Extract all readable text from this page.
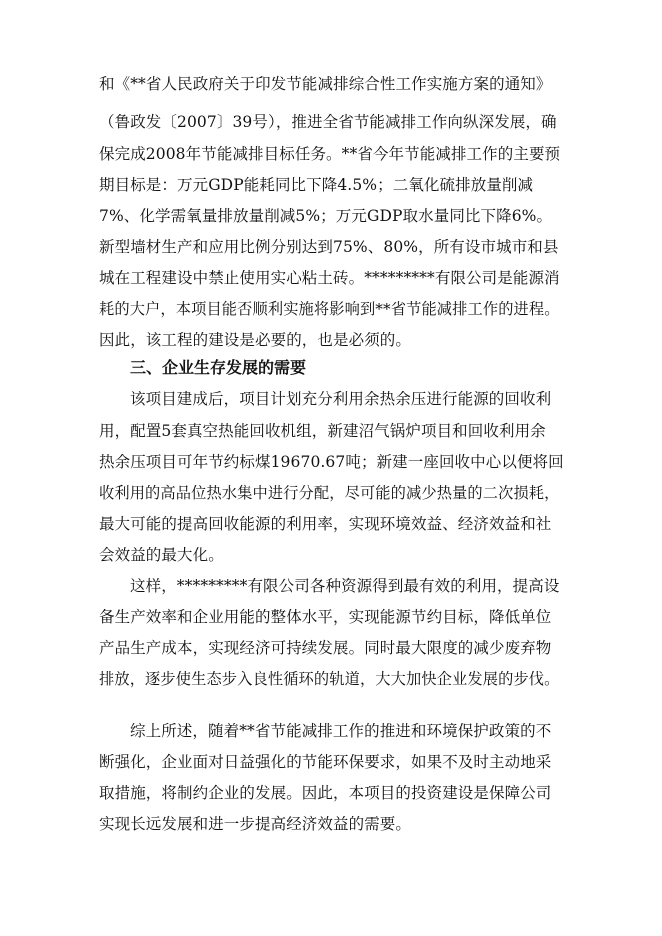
和《**省人民政府关于印发节能减排综合性工作实施方案的通知》
（鲁政发〔2007〕39号），推进全省节能减排工作向纵深发展，确
保完成2008年节能减排目标任务。**省今年节能减排工作的主要预
期目标是：万元GDP能耗同比下降4.5%；二氧化硫排放量削减
7%、化学需氧量排放量削减5%；万元GDP取水量同比下降6%。
新型墙材生产和应用比例分别达到75%、80%，所有设市城市和县
城在工程建设中禁止使用实心粘土砖。*********有限公司是能源消
耗的大户，本项目能否顺利实施将影响到**省节能减排工作的进程。
因此，该工程的建设是必要的，也是必须的。
三、企业生存发展的需要
该项目建成后，项目计划充分利用余热余压进行能源的回收利
用，配置5套真空热能回收机组，新建沼气锅炉项目和回收利用余
热余压项目可年节约标煤19670.67吨；新建一座回收中心以便将回
收利用的高品位热水集中进行分配，尽可能的减少热量的二次损耗，
最大可能的提高回收能源的利用率，实现环境效益、经济效益和社
会效益的最大化。
这样，*********有限公司各种资源得到最有效的利用，提高设
备生产效率和企业用能的整体水平，实现能源节约目标，降低单位
产品生产成本，实现经济可持续发展。同时最大限度的减少废弃物
排放，逐步使生态步入良性循环的轨道，大大加快企业发展的步伐。
综上所述，随着**省节能减排工作的推进和环境保护政策的不
断强化，企业面对日益强化的节能环保要求，如果不及时主动地采
取措施，将制约企业的发展。因此，本项目的投资建设是保障公司
实现长远发展和进一步提高经济效益的需要。
